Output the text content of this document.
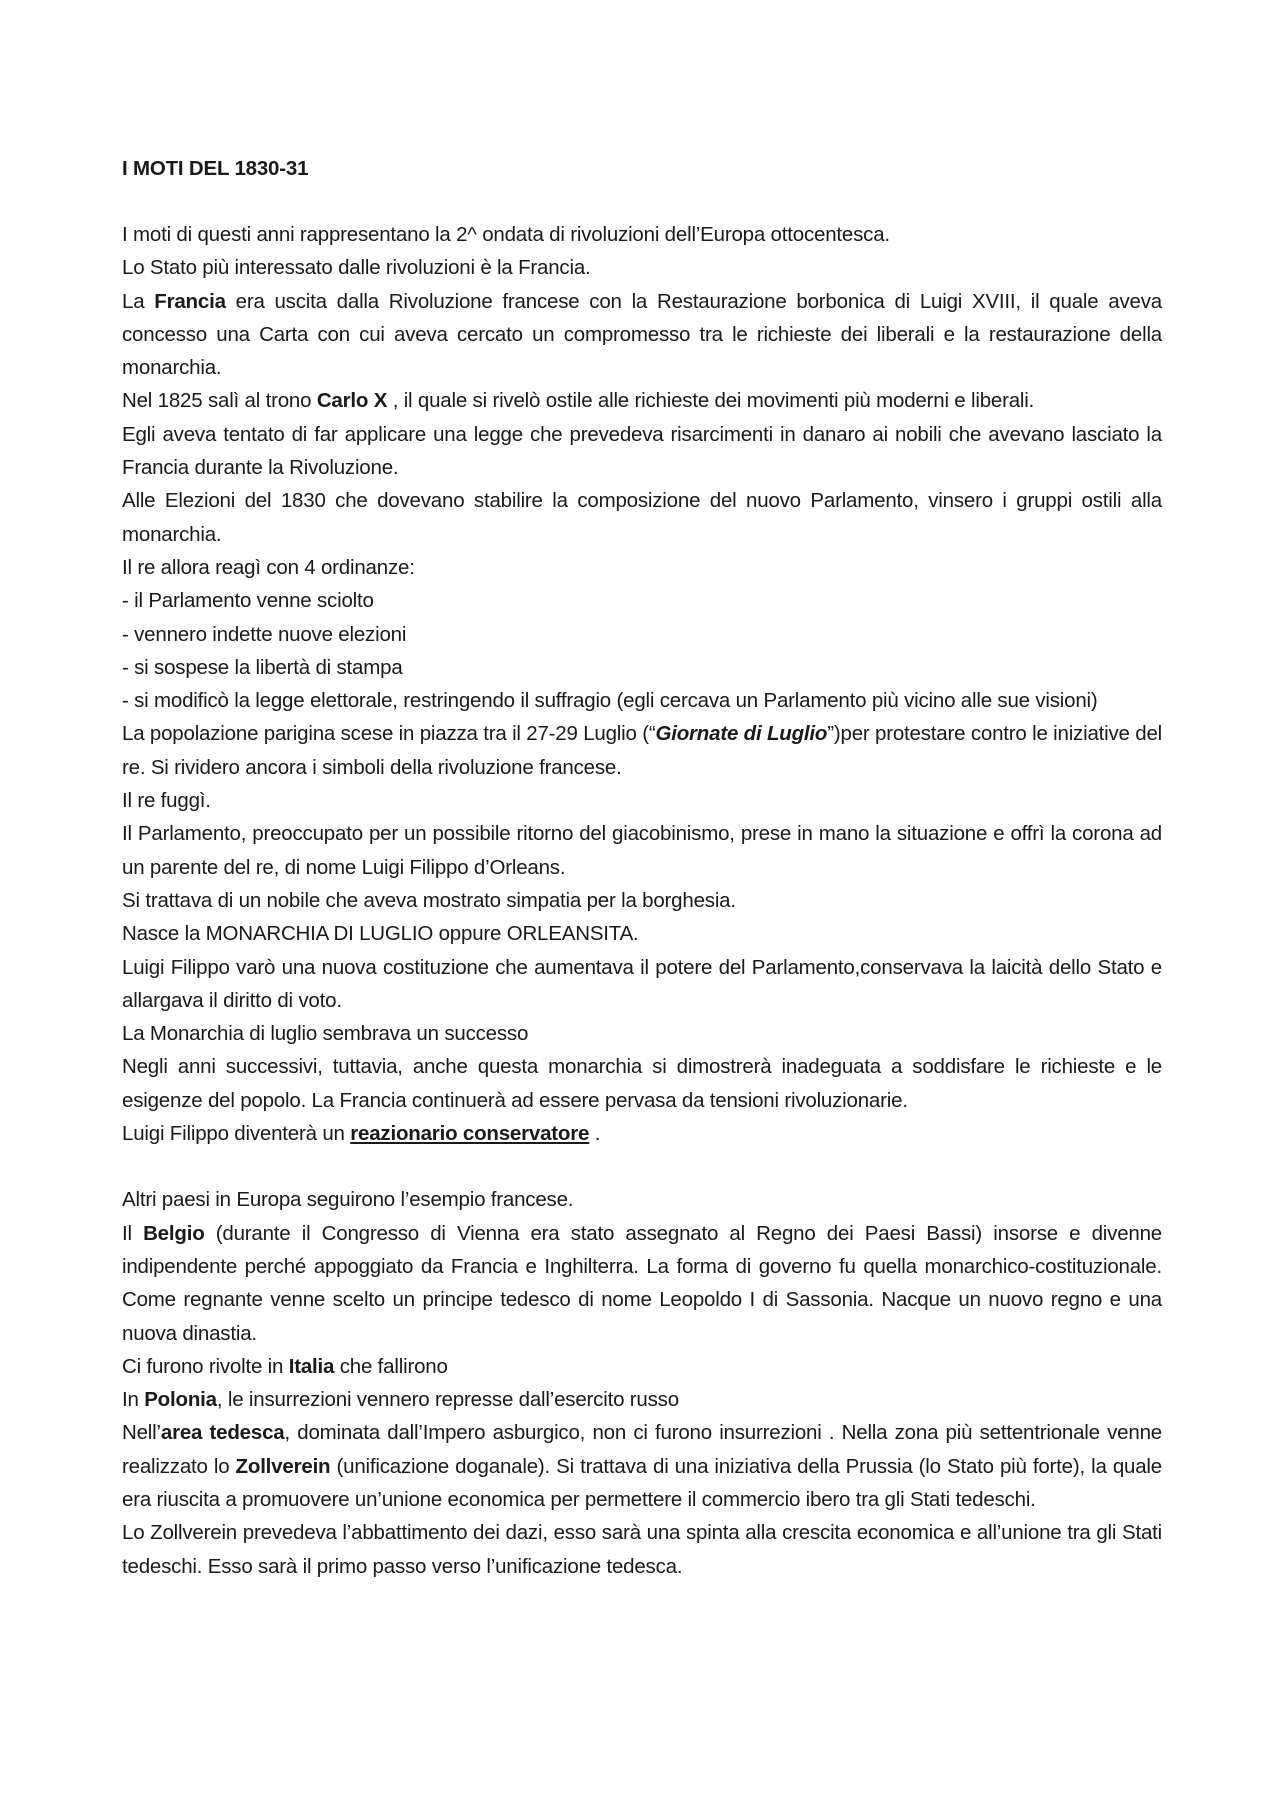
I MOTI DEL 1830-31

I moti di questi anni rappresentano la 2^ ondata di rivoluzioni dell’Europa ottocentesca.

Lo Stato più interessato dalle rivoluzioni è la Francia.

La Francia era uscita dalla Rivoluzione francese con la Restaurazione borbonica di Luigi XVIII, il quale aveva concesso una Carta con cui aveva cercato un compromesso tra le richieste dei liberali e la restaurazione della monarchia.

Nel 1825 salì al trono Carlo X , il quale si rivelò ostile alle richieste dei movimenti più moderni e liberali.

Egli aveva tentato di far applicare una legge che prevedeva risarcimenti in danaro ai nobili che avevano lasciato la Francia durante la Rivoluzione.

Alle Elezioni del 1830 che dovevano stabilire la composizione del nuovo Parlamento, vinsero i gruppi ostili alla monarchia.

Il re allora reagì con 4 ordinanze:

- il Parlamento venne sciolto

- vennero indette nuove elezioni

- si sospese la libertà di stampa

- si modificò la legge elettorale, restringendo il suffragio (egli cercava un Parlamento più vicino alle sue visioni)

La popolazione parigina scese in piazza tra il 27-29 Luglio (“Giornate di Luglio”)per protestare contro le iniziative del re. Si rividero ancora i simboli della rivoluzione francese.

Il re fuggì.

Il Parlamento, preoccupato per un possibile ritorno del giacobinismo, prese in mano la situazione e offrì la corona ad un parente del re, di nome Luigi Filippo d’Orleans.

Si trattava di un nobile che aveva mostrato simpatia per la borghesia.

Nasce la MONARCHIA DI LUGLIO oppure ORLEANSITA.

Luigi Filippo varò una nuova costituzione che aumentava il potere del Parlamento,conservava la laicità dello Stato e allargava il diritto di voto.

La Monarchia di luglio sembrava un successo

Negli anni successivi, tuttavia, anche questa monarchia si dimostrerà inadeguata a soddisfare le richieste e le esigenze del popolo. La Francia continuerà ad essere pervasa da tensioni rivoluzionarie.

Luigi Filippo diventerà un reazionario conservatore .

Altri paesi in Europa seguirono l’esempio francese.

Il Belgio (durante il Congresso di Vienna era stato assegnato al Regno dei Paesi Bassi) insorse e divenne indipendente perché appoggiato da Francia e Inghilterra. La forma di governo fu quella monarchico-costituzionale. Come regnante venne scelto un principe tedesco di nome Leopoldo I di Sassonia. Nacque un nuovo regno e una nuova dinastia.

Ci furono rivolte in Italia che fallirono

In Polonia, le insurrezioni vennero represse dall’esercito russo

Nell’area tedesca, dominata dall’Impero asburgico, non ci furono insurrezioni . Nella zona più settentrionale venne realizzato lo Zollverein (unificazione doganale). Si trattava di una iniziativa della Prussia (lo Stato più forte), la quale era riuscita a promuovere un’unione economica per permettere il commercio ibero tra gli Stati tedeschi.

Lo Zollverein prevedeva l’abbattimento dei dazi, esso sarà una spinta alla crescita economica e all’unione tra gli Stati tedeschi. Esso sarà il primo passo verso l’unificazione tedesca.
